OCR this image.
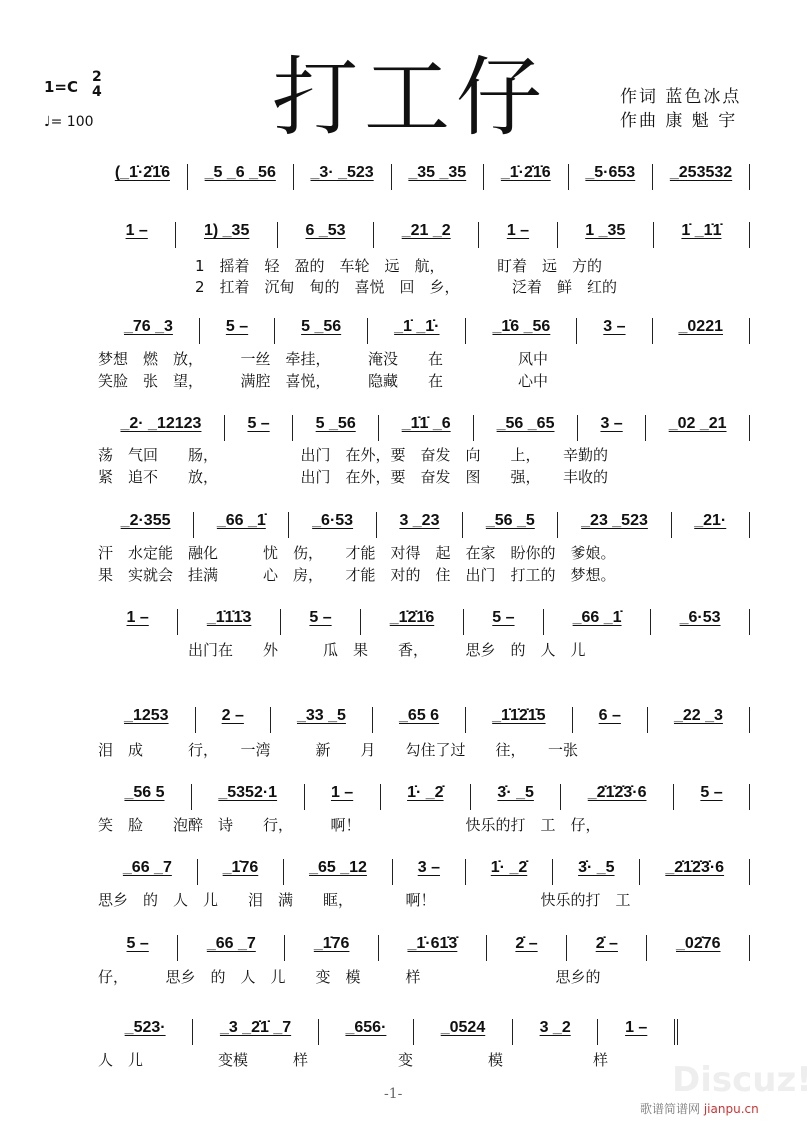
打工仔
1=C
2
4
♩= 100
作词 蓝色冰点
作曲 康 魁 宇
(_1̇·2̇1̇6 _5 _6 _56 _3· _523 _35 _35 _1̇·2̇1̇6 _5·653 _253532
1 –	1) _35	6 _53	_21 _2	1 –	1 _35	1̇ _1̇1̇
1　摇着　轻　盈的　车轮　远　航，　　　　盯着　远　方的
2　扛着　沉甸　甸的　喜悦　回　乡，　　　　泛着　鲜　红的
_76 _3	5 –	5 _56	_1̇ _1̇·	_1̇6 _56	3 –	_0221
梦想　燃　放，　　　一丝　牵挂，　　　淹没　　在　　　　　风中
笑脸　张　望，　　　满腔　喜悦，　　　隐藏　　在　　　　　心中
_2· _12123	5 –	5 _56	_1̇1̇ _6	_56 _65	3 –	_02 _21
荡　气回　　肠，　　　　　　出门　在外，要　奋发　向　　上，　　辛勤的
紧　追不　　放，　　　　　　出门　在外，要　奋发　图　　强，　　丰收的
_2·355	_66 _1̇	_6·53	3 _23	_56 _5	_23 _523	_21·
汗　水定能　融化　　　忧　伤，　　才能　对得　起　在家　盼你的　爹娘。
果　实就会　挂满　　　心　房，　　才能　对的　住　出门　打工的　梦想。
1 –	_1̇1̇1̇3	5 –	_1̇2̇1̇6	5 –	_66 _1̇	_6·53
　　　　　　出门在　　外　　　瓜　果　　香，　　　思乡　的　人　儿
_1253	2 –	_33 _5	_65 6	_1̇1̇2̇1̇5	6 –	_22 _3
泪　成　　　行，　　一湾　　　新　　月　　勾住了过　　往，　　一张
_56 5	_5352·1	1 –	1̇· _2̇	3̇· _5	_2̇1̇2̇3̇·6	5 –
笑　脸　　泡醉　诗　　行，　　　啊！　　　　　　　快乐的打　工　仔，
_66 _7	_1̇76	_65 _12	3 –	1̇· _2̇	3̇· _5	_2̇1̇2̇3̇·6
思乡　的　人　儿　　泪　满　　眶，　　　　啊！　　　　　　　快乐的打　工
5 –	_66 _7	_1̇76	_1̇·61̇3̇	2̇ –	2̇ –	_02̇76
仔，　　　思乡　的　人　儿　　变　模　　　样　　　　　　　　　思乡的
_523·	_3 _2̇1̇ _7	_656·	_0524	3 _2	1 –
人　儿　　　　　变模　　　样　　　　　　变　　　　　模　　　　　　样
-1-	Discuz!
歌谱简谱网 jianpu.cn
